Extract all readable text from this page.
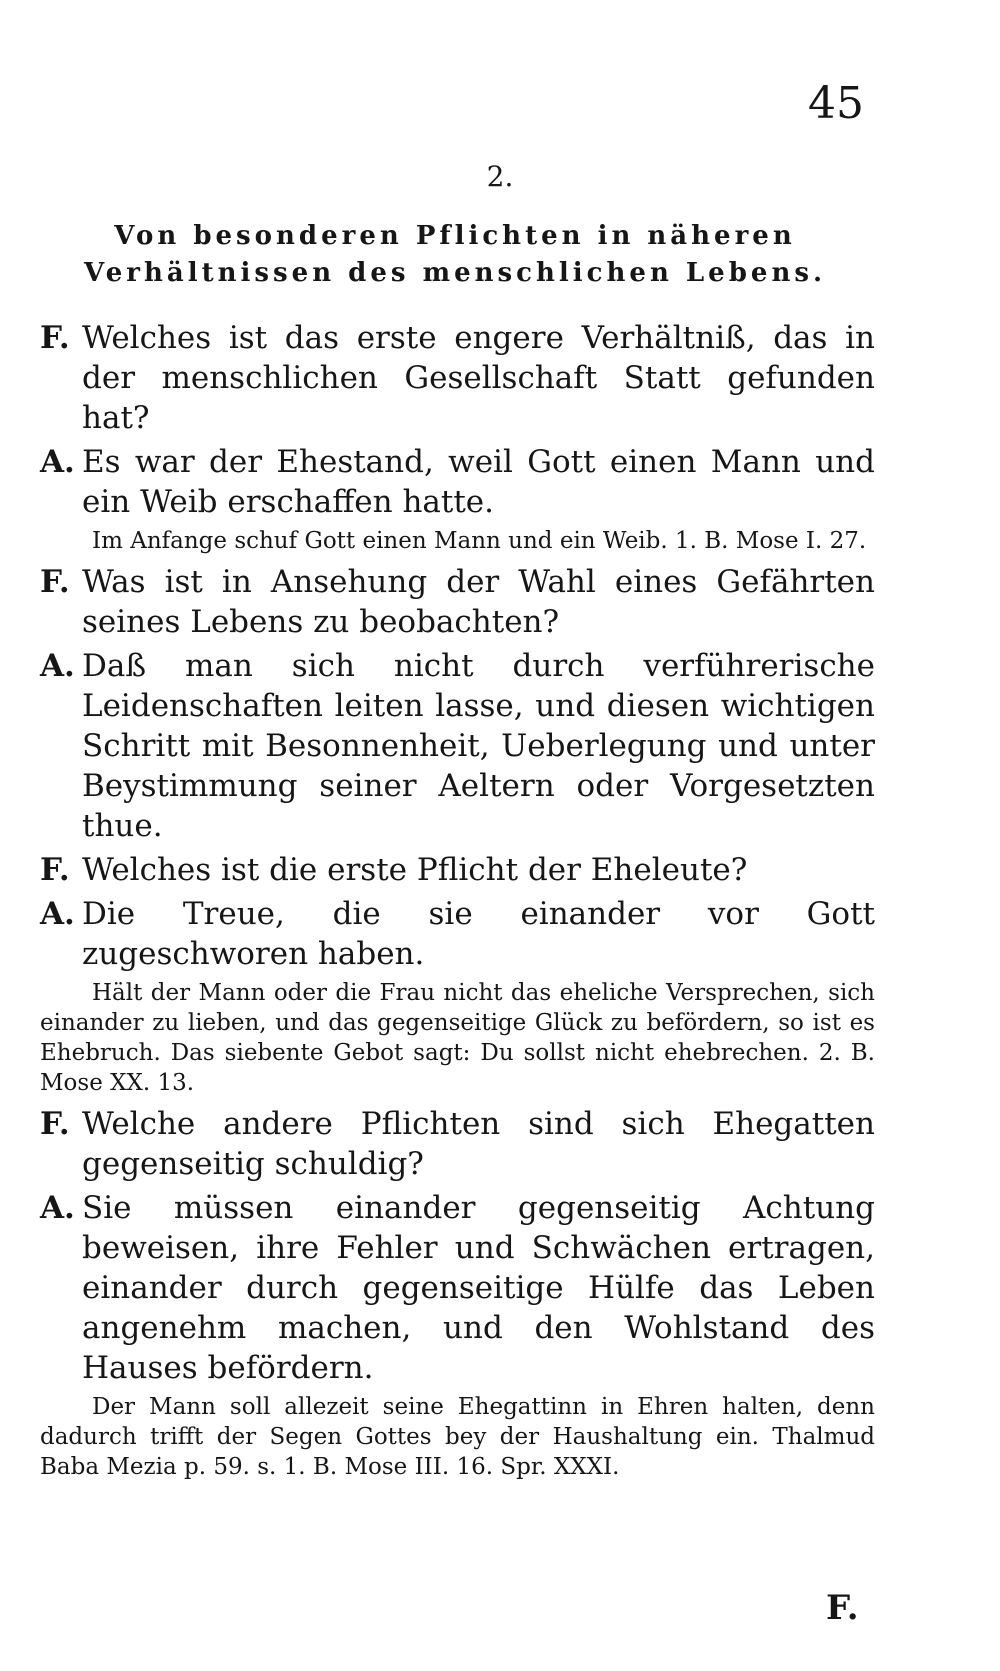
45
2.
Von besonderen Pflichten in näheren Verhältnissen des menschlichen Lebens.
F. Welches ist das erste engere Verhältniß, das in der menschlichen Gesellschaft Statt gefunden hat?
A. Es war der Ehestand, weil Gott einen Mann und ein Weib erschaffen hatte.
Im Anfange schuf Gott einen Mann und ein Weib. 1. B. Mose I. 27.
F. Was ist in Ansehung der Wahl eines Gefährten seines Lebens zu beobachten?
A. Daß man sich nicht durch verführerische Leidenschaften leiten lasse, und diesen wichtigen Schritt mit Besonnenheit, Ueberlegung und unter Beystimmung seiner Aeltern oder Vorgesetzten thue.
F. Welches ist die erste Pflicht der Eheleute?
A. Die Treue, die sie einander vor Gott zugeschworen haben.
Hält der Mann oder die Frau nicht das eheliche Versprechen, sich einander zu lieben, und das gegenseitige Glück zu befördern, so ist es Ehebruch. Das siebente Gebot sagt: Du sollst nicht ehebrechen. 2. B. Mose XX. 13.
F. Welche andere Pflichten sind sich Ehegatten gegenseitig schuldig?
A. Sie müssen einander gegenseitig Achtung beweisen, ihre Fehler und Schwächen ertragen, einander durch gegenseitige Hülfe das Leben angenehm machen, und den Wohlstand des Hauses befördern.
Der Mann soll allezeit seine Ehegattinn in Ehren halten, denn dadurch trifft der Segen Gottes bey der Haushaltung ein. Thalmud Baba Mezia p. 59. s. 1. B. Mose III. 16. Spr. XXXI.
F.
